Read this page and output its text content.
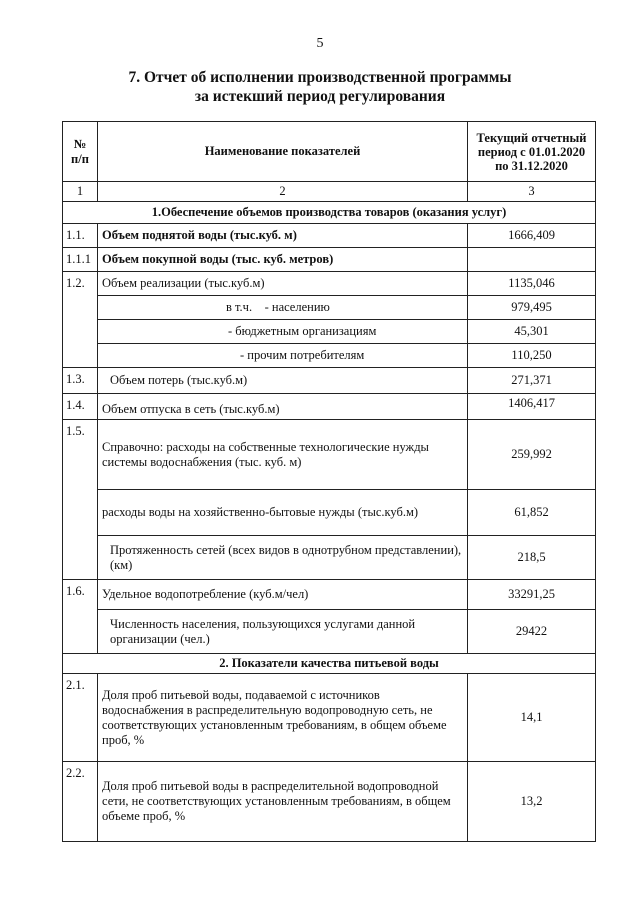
5
7. Отчет об исполнении производственной программы
за истекший период регулирования
№ п/п	Наименование показателей	Текущий отчетный период с 01.01.2020 по 31.12.2020
1	2	3
1.Обеспечение объемов производства товаров (оказания услуг)		
1.1.	Объем поднятой воды (тыс.куб. м)	1666,409
1.1.1	Объем покупной воды (тыс. куб. метров)	
1.2.	Объем реализации (тыс.куб.м)	1135,046
	в т.ч.    - населению	979,495
	- бюджетным организациям	45,301
	- прочим потребителям	110,250
1.3.	Объем потерь (тыс.куб.м)	271,371
1.4.	Объем отпуска в сеть (тыс.куб.м)	1406,417
1.5.	Справочно: расходы на собственные технологические нужды системы водоснабжения (тыс. куб. м)	259,992
	расходы воды на хозяйственно-бытовые нужды (тыс.куб.м)	61,852
	Протяженность сетей (всех видов в однотрубном представлении), (км)	218,5
1.6.	Удельное водопотребление (куб.м/чел)	33291,25
	Численность населения, пользующихся услугами данной организации (чел.)	29422
2. Показатели качества питьевой воды		
2.1.	Доля проб питьевой воды, подаваемой с источников водоснабжения в распределительную водопроводную сеть, не соответствующих установленным требованиям, в общем объеме проб, %	14,1
2.2.	Доля проб питьевой воды в распределительной водопроводной сети, не соответствующих установленным требованиям, в общем объеме проб, %	13,2
